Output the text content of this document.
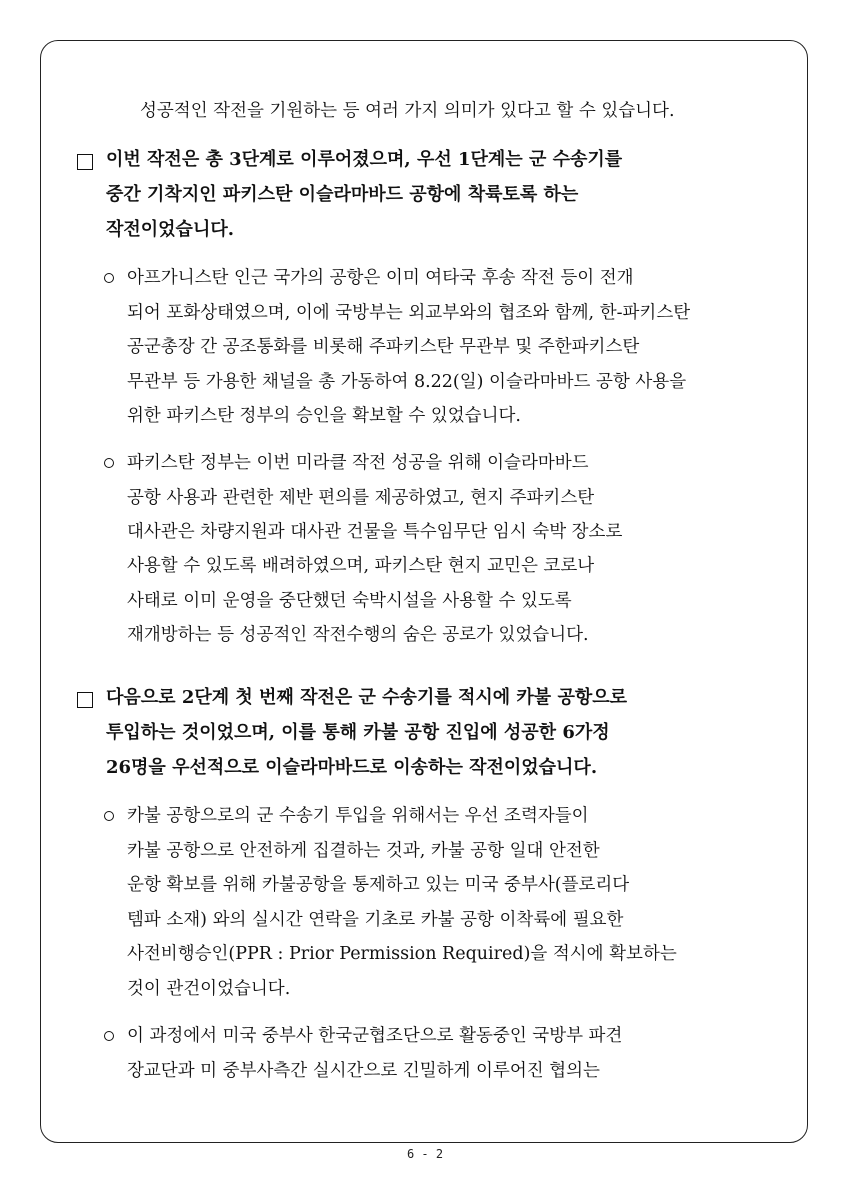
성공적인 작전을 기원하는 등 여러 가지 의미가 있다고 할 수 있습니다.
이번 작전은 총 3단계로 이루어졌으며, 우선 1단계는 군 수송기를
중간 기착지인 파키스탄 이슬라마바드 공항에 착륙토록 하는
작전이었습니다.
아프가니스탄 인근 국가의 공항은 이미 여타국 후송 작전 등이 전개
되어 포화상태였으며, 이에 국방부는 외교부와의 협조와 함께, 한-파키스탄
공군총장 간 공조통화를 비롯해 주파키스탄 무관부 및 주한파키스탄
무관부 등 가용한 채널을 총 가동하여 8.22(일) 이슬라마바드 공항 사용을
위한 파키스탄 정부의 승인을 확보할 수 있었습니다.
파키스탄 정부는 이번 미라클 작전 성공을 위해 이슬라마바드
공항 사용과 관련한 제반 편의를 제공하였고, 현지 주파키스탄
대사관은 차량지원과 대사관 건물을 특수임무단 임시 숙박 장소로
사용할 수 있도록 배려하였으며, 파키스탄 현지 교민은 코로나
사태로 이미 운영을 중단했던 숙박시설을 사용할 수 있도록
재개방하는 등 성공적인 작전수행의 숨은 공로가 있었습니다.
다음으로 2단계 첫 번째 작전은 군 수송기를 적시에 카불 공항으로
투입하는 것이었으며, 이를 통해 카불 공항 진입에 성공한 6가정
26명을 우선적으로 이슬라마바드로 이송하는 작전이었습니다.
카불 공항으로의 군 수송기 투입을 위해서는 우선 조력자들이
카불 공항으로 안전하게 집결하는 것과, 카불 공항 일대 안전한
운항 확보를 위해 카불공항을 통제하고 있는 미국 중부사(플로리다
템파 소재) 와의 실시간 연락을 기초로 카불 공항 이착륙에 필요한
사전비행승인(PPR : Prior Permission Required)을 적시에 확보하는
것이 관건이었습니다.
이 과정에서 미국 중부사 한국군협조단으로 활동중인 국방부 파견
장교단과 미 중부사측간 실시간으로 긴밀하게 이루어진 협의는
6 - 2
